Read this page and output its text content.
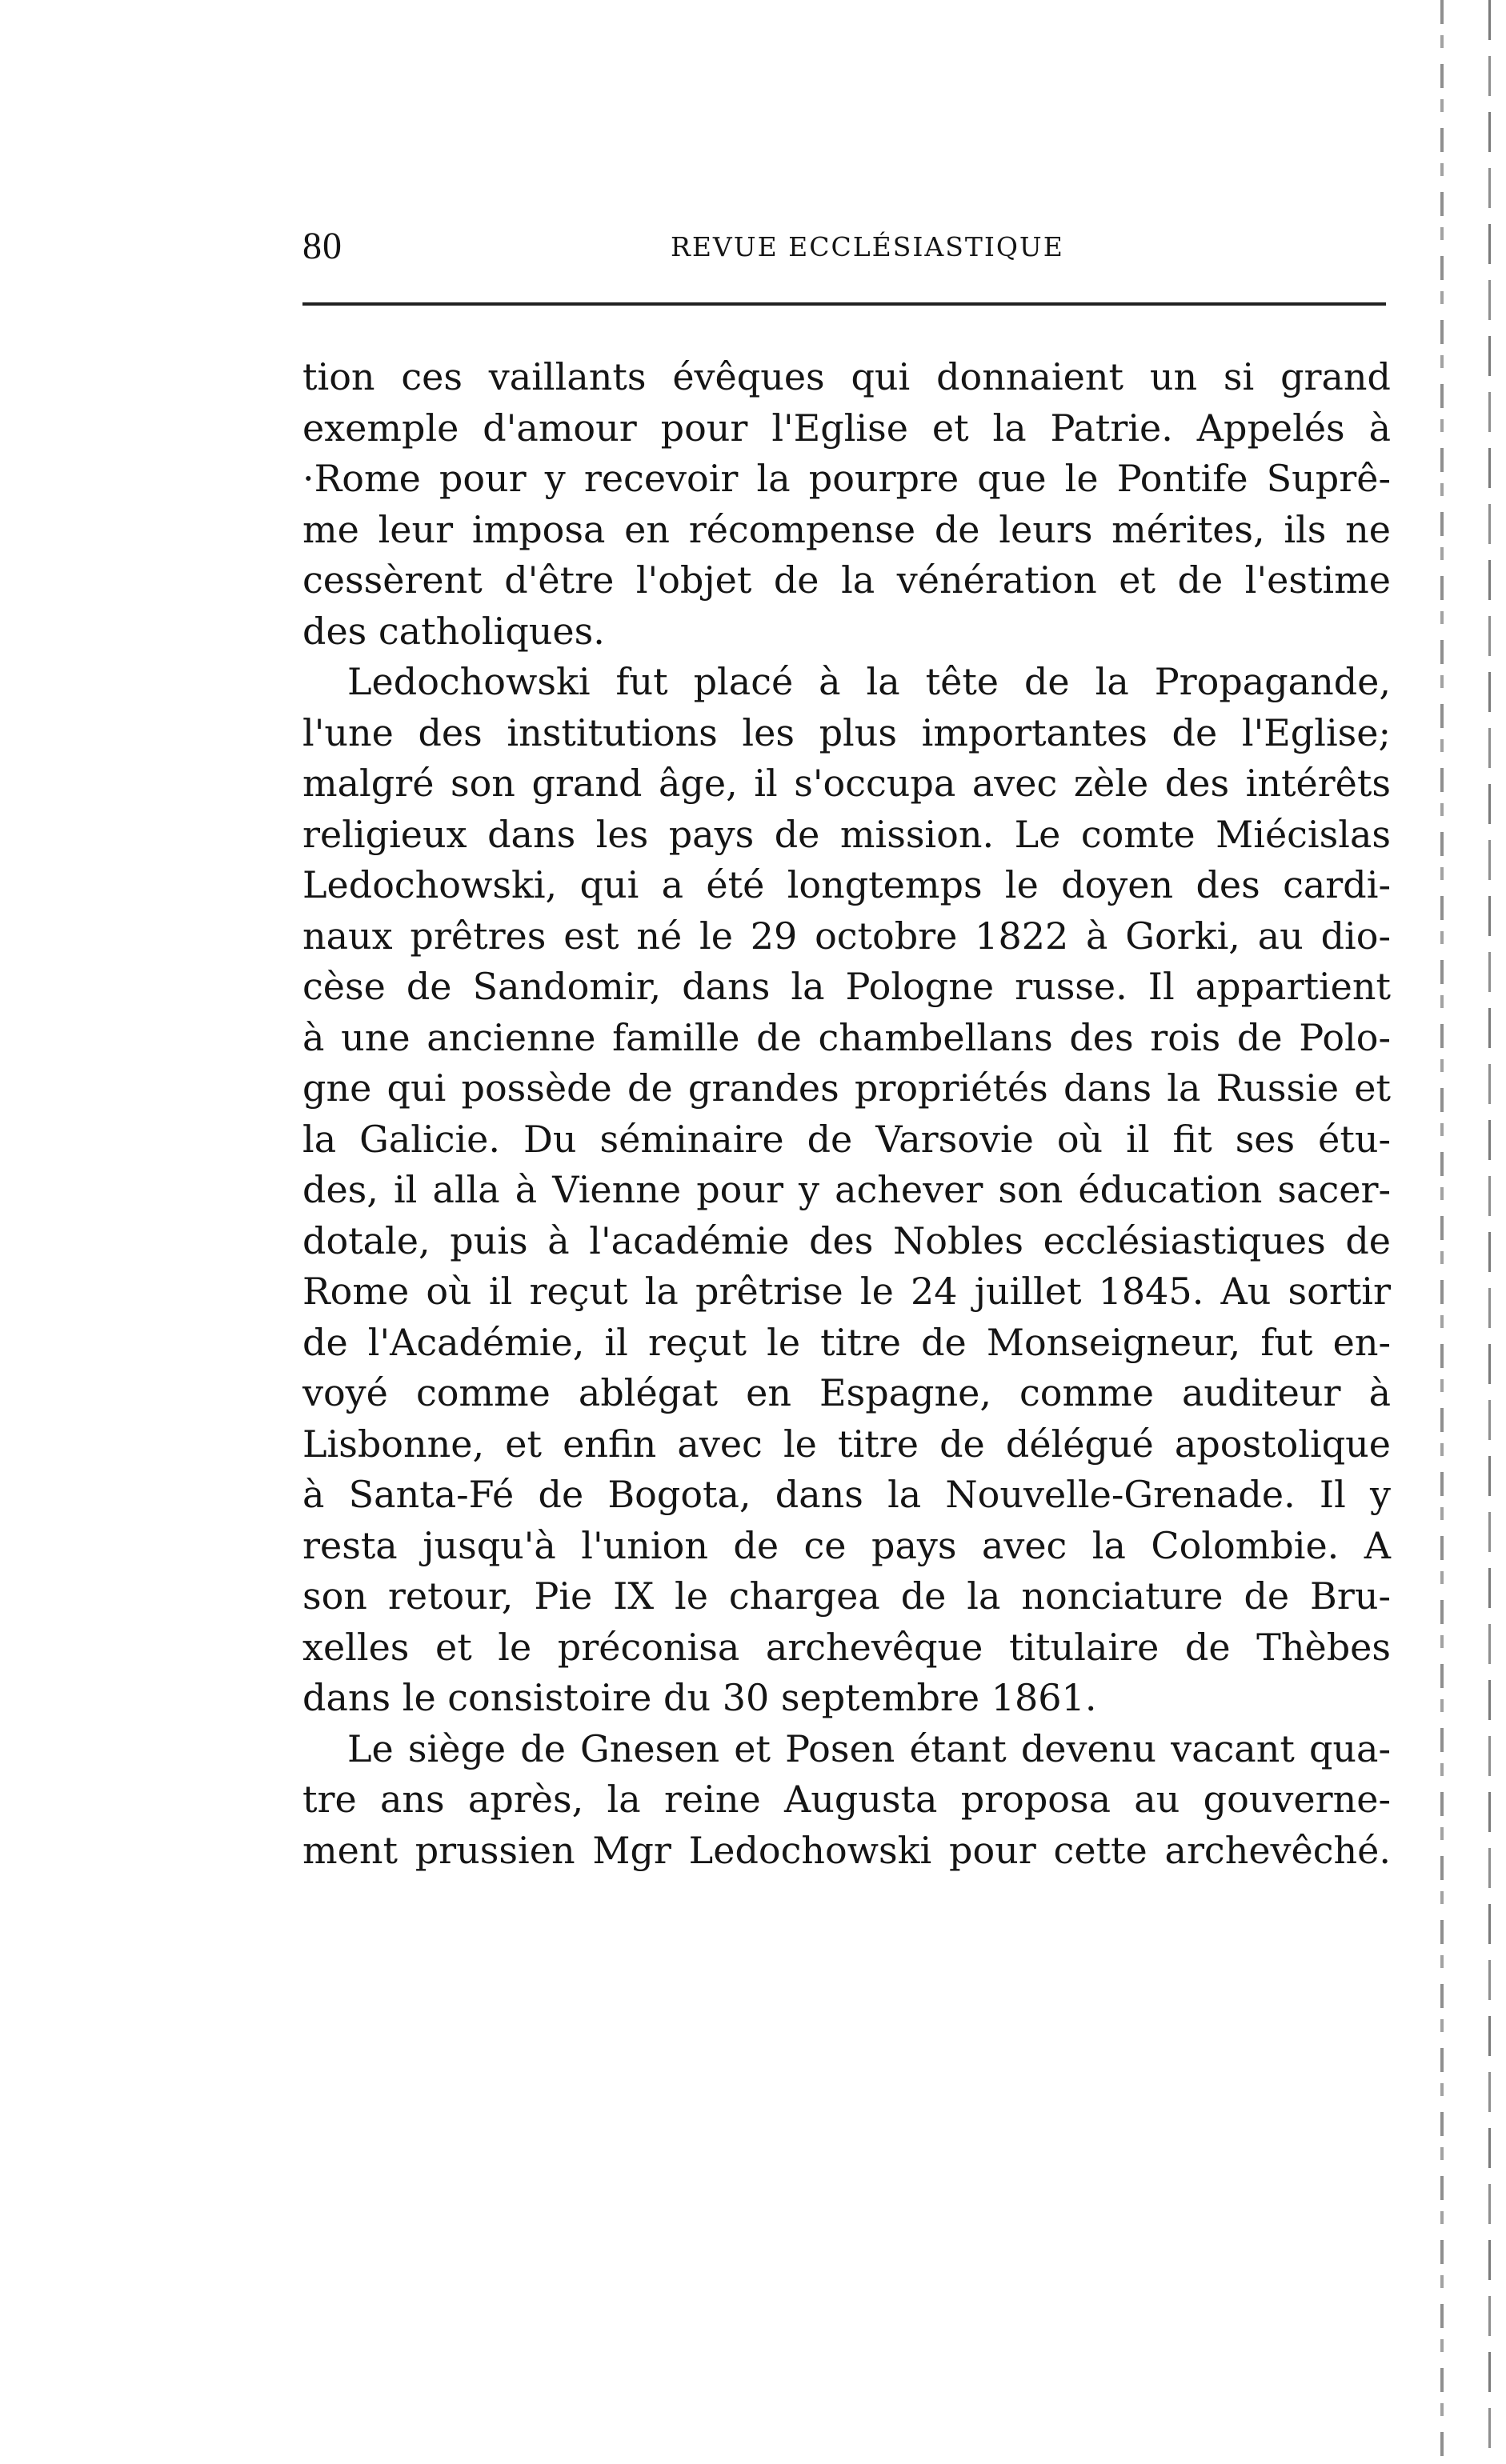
80	REVUE ECCLÉSIASTIQUE
tion ces vaillants évêques qui donnaient un si grand
exemple d'amour pour l'Eglise et la Patrie. Appelés à
·Rome pour y recevoir la pourpre que le Pontife Suprê-
me leur imposa en récompense de leurs mérites, ils ne
cessèrent d'être l'objet de la vénération et de l'estime
des catholiques.
Ledochowski fut placé à la tête de la Propagande,
l'une des institutions les plus importantes de l'Eglise;
malgré son grand âge, il s'occupa avec zèle des intérêts
religieux dans les pays de mission. Le comte Miécislas
Ledochowski, qui a été longtemps le doyen des cardi-
naux prêtres est né le 29 octobre 1822 à Gorki, au dio-
cèse de Sandomir, dans la Pologne russe. Il appartient
à une ancienne famille de chambellans des rois de Polo-
gne qui possède de grandes propriétés dans la Russie et
la Galicie. Du séminaire de Varsovie où il fit ses étu-
des, il alla à Vienne pour y achever son éducation sacer-
dotale, puis à l'académie des Nobles ecclésiastiques de
Rome où il reçut la prêtrise le 24 juillet 1845. Au sortir
de l'Académie, il reçut le titre de Monseigneur, fut en-
voyé comme ablégat en Espagne, comme auditeur à
Lisbonne, et enfin avec le titre de délégué apostolique
à Santa-Fé de Bogota, dans la Nouvelle-Grenade. Il y
resta jusqu'à l'union de ce pays avec la Colombie. A
son retour, Pie IX le chargea de la nonciature de Bru-
xelles et le préconisa archevêque titulaire de Thèbes
dans le consistoire du 30 septembre 1861.
Le siège de Gnesen et Posen étant devenu vacant qua-
tre ans après, la reine Augusta proposa au gouverne-
ment prussien Mgr Ledochowski pour cette archevêché.
